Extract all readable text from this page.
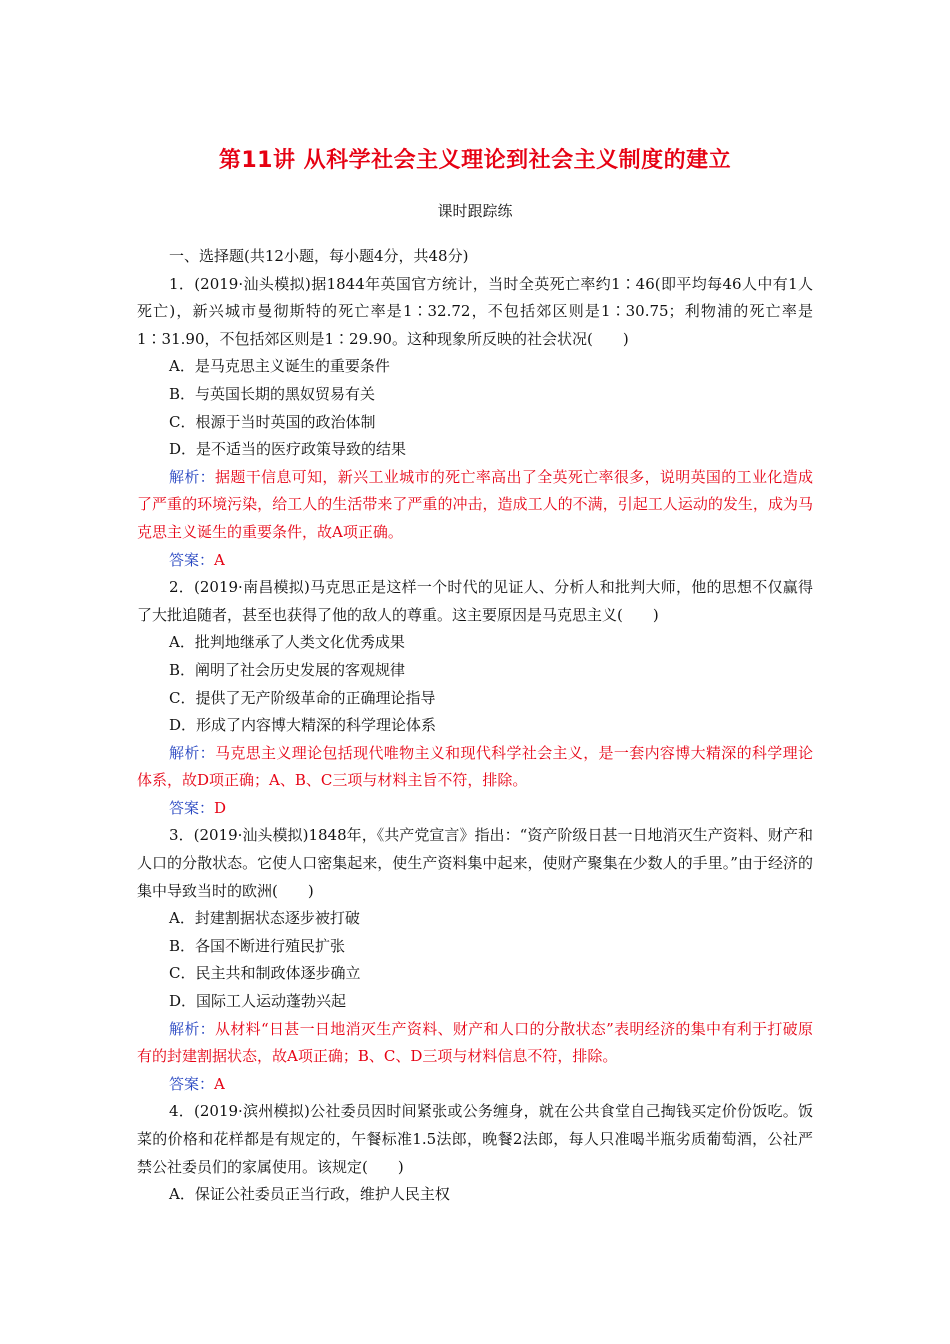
第11讲 从科学社会主义理论到社会主义制度的建立
课时跟踪练
一、选择题(共12小题，每小题4分，共48分)

1．(2019·汕头模拟)据1844年英国官方统计，当时全英死亡率约1∶46(即平均每46人中有1人死亡)，新兴城市曼彻斯特的死亡率是1∶32.72，不包括郊区则是1∶30.75；利物浦的死亡率是1∶31.90，不包括郊区则是1∶29.90。这种现象所反映的社会状况(　　)

A．是马克思主义诞生的重要条件
B．与英国长期的黑奴贸易有关
C．根源于当时英国的政治体制
D．是不适当的医疗政策导致的结果

解析：据题干信息可知，新兴工业城市的死亡率高出了全英死亡率很多，说明英国的工业化造成了严重的环境污染，给工人的生活带来了严重的冲击，造成工人的不满，引起工人运动的发生，成为马克思主义诞生的重要条件，故A项正确。

答案：A

2．(2019·南昌模拟)马克思正是这样一个时代的见证人、分析人和批判大师，他的思想不仅赢得了大批追随者，甚至也获得了他的敌人的尊重。这主要原因是马克思主义(　　)

A．批判地继承了人类文化优秀成果
B．阐明了社会历史发展的客观规律
C．提供了无产阶级革命的正确理论指导
D．形成了内容博大精深的科学理论体系

解析：马克思主义理论包括现代唯物主义和现代科学社会主义，是一套内容博大精深的科学理论体系，故D项正确；A、B、C三项与材料主旨不符，排除。

答案：D

3．(2019·汕头模拟)1848年，《共产党宣言》指出：“资产阶级日甚一日地消灭生产资料、财产和人口的分散状态。它使人口密集起来，使生产资料集中起来，使财产聚集在少数人的手里。”由于经济的集中导致当时的欧洲(　　)

A．封建割据状态逐步被打破
B．各国不断进行殖民扩张
C．民主共和制政体逐步确立
D．国际工人运动蓬勃兴起

解析：从材料“日甚一日地消灭生产资料、财产和人口的分散状态”表明经济的集中有利于打破原有的封建割据状态，故A项正确；B、C、D三项与材料信息不符，排除。

答案：A

4．(2019·滨州模拟)公社委员因时间紧张或公务缠身，就在公共食堂自己掏钱买定价份饭吃。饭菜的价格和花样都是有规定的，午餐标准1.5法郎，晚餐2法郎，每人只准喝半瓶劣质葡萄酒，公社严禁公社委员们的家属使用。该规定(　　)

A．保证公社委员正当行政，维护人民主权
